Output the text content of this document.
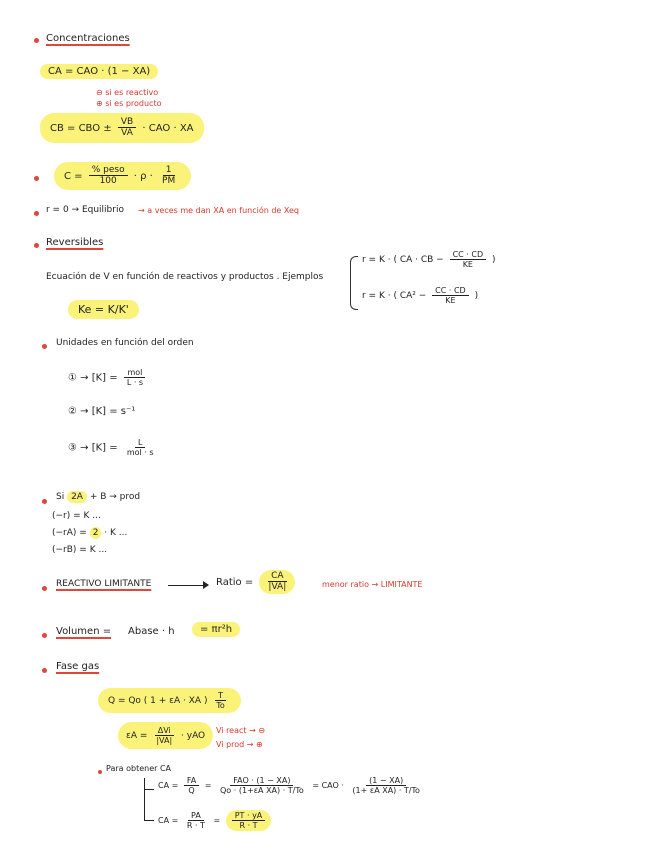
Concentraciones
CA = CAO · (1 − XA)
⊖ si es reactivo
⊕ si es producto
CB = CBO ± $\frac{VB}{VA}$ · CAO · XA
$C = \frac{\text{\% peso}}{100} \cdot \rho \cdot \frac{1}{PM}$
r = 0 → Equilibrio → a veces me dan XA en función de Xeq
Reversibles
Ecuación de V en función de reactivos y productos . Ejemplos
r = K · ( CA · CB − $\frac{CC \cdot CD}{KE}$ )
r = K · ( $CA^2 - \frac{CC \cdot CD}{KE}$ )
Ke = K/K'
Unidades en función del orden
① → $[K] = \frac{\text{mol}}{L \cdot s}$
② → [K] = s⁻¹
③ → $[K] = \frac{L}{\text{mol · s}}$
Si 2A + B → prod
(−r) = K ...
(−rA) = 2 · K ...
(−rB) = K ...
REACTIVO LIMITANTE	Ratio = $\frac{CA}{|VA|}$	menor ratio → LIMITANTE
Volumen = Abase · h	= πr²h
Fase gas
Q = Qo ( 1 + εA · XA ) $\frac{T}{To}$
$\varepsilon A = \frac{\text{ΔVi}}{|VA|}$ · yAO
Vi react → ⊖
Vi prod → ⊕
Para obtener CA
CA = $\frac{FA}{Q} = \frac{\text{FAO · (1 − XA)}}{\text{Qo · (1+εA XA) · T/To}}$ = CAO · $\frac{(1 - XA)}{\text{(1+ εA XA) · T/To}}$
CA = $\frac{PA}{R \cdot T} = \frac{PT \cdot yA}{R \cdot T}$
